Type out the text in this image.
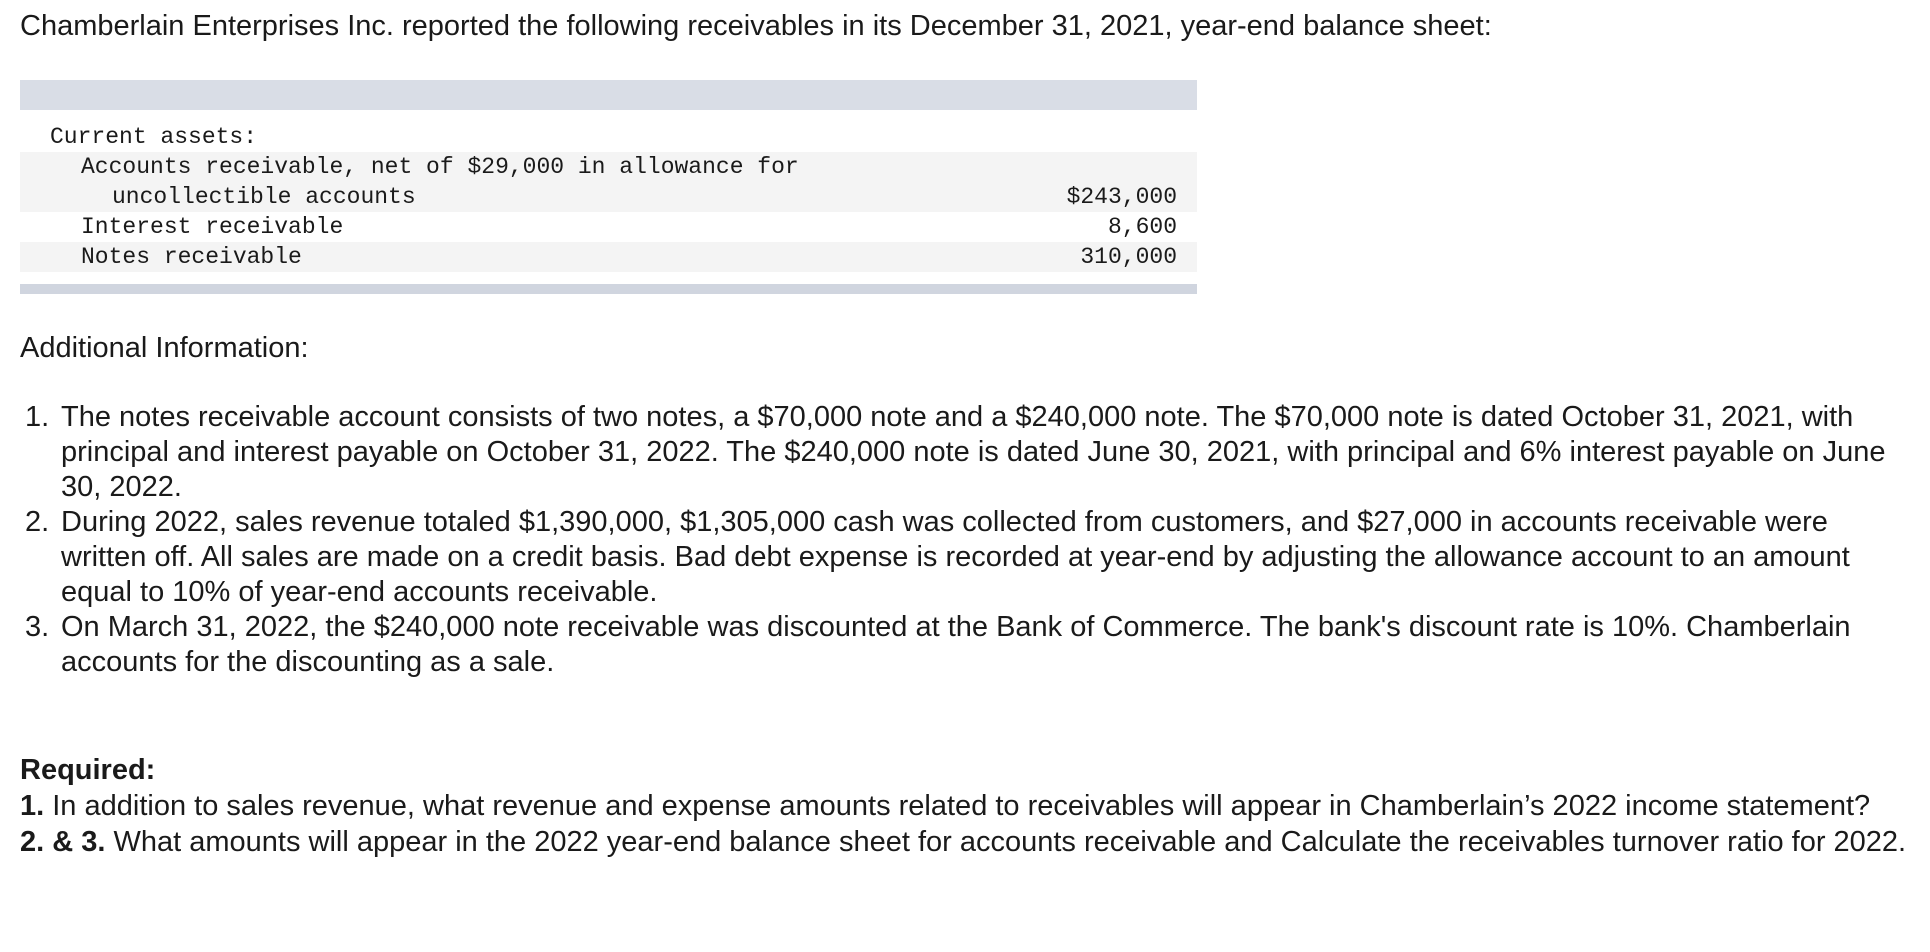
Chamberlain Enterprises Inc. reported the following receivables in its December 31, 2021, year-end balance sheet:
Current assets:
Accounts receivable, net of $29,000 in allowance for
uncollectible accounts	$243,000
Interest receivable	8,600
Notes receivable	310,000
Additional Information:
1. The notes receivable account consists of two notes, a $70,000 note and a $240,000 note. The $70,000 note is dated October 31, 2021, with principal and interest payable on October 31, 2022. The $240,000 note is dated June 30, 2021, with principal and 6% interest payable on June 30, 2022.
2. During 2022, sales revenue totaled $1,390,000, $1,305,000 cash was collected from customers, and $27,000 in accounts receivable were written off. All sales are made on a credit basis. Bad debt expense is recorded at year-end by adjusting the allowance account to an amount equal to 10% of year-end accounts receivable.
3. On March 31, 2022, the $240,000 note receivable was discounted at the Bank of Commerce. The bank's discount rate is 10%. Chamberlain accounts for the discounting as a sale.
Required:
1. In addition to sales revenue, what revenue and expense amounts related to receivables will appear in Chamberlain’s 2022 income statement?
2. & 3. What amounts will appear in the 2022 year-end balance sheet for accounts receivable and Calculate the receivables turnover ratio for 2022.
